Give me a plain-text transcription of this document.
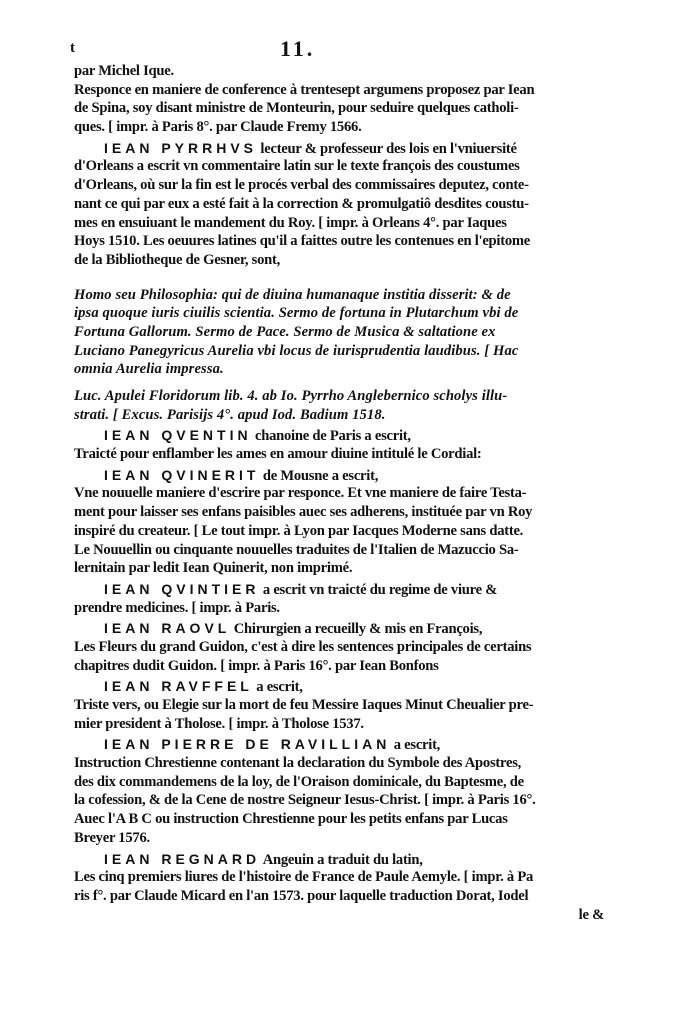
t	11.
par Michel Ique.
Responce en maniere de conference à trentesept argumens proposez par Iean
de Spina, soy disant ministre de Monteurin, pour seduire quelques catholi-
ques. [ impr. à Paris 8°. par Claude Fremy 1566.
IEAN PYRRHVS lecteur & professeur des lois en l'vniuersité
d'Orleans a escrit vn commentaire latin sur le texte françois des coustumes
d'Orleans, où sur la fin est le procés verbal des commissaires deputez, conte-
nant ce qui par eux a esté fait à la correction & promulgatiô desdites coustu-
mes en ensuiuant le mandement du Roy. [ impr. à Orleans 4°. par Iaques
Hoys 1510. Les oeuures latines qu'il a faittes outre les contenues en l'epitome
de la Bibliotheque de Gesner, sont,
Homo seu Philosophia: qui de diuina humanaque institia disserit: & de
ipsa quoque iuris ciuilis scientia. Sermo de fortuna in Plutarchum vbi de
Fortuna Gallorum. Sermo de Pace. Sermo de Musica & saltatione ex
Luciano Panegyricus Aurelia vbi locus de iurisprudentia laudibus. [ Hac
omnia Aurelia impressa.
Luc. Apulei Floridorum lib. 4. ab Io. Pyrrho Anglebernico scholys illu-
strati. [ Excus. Parisijs 4°. apud Iod. Badium 1518.
IEAN QVENTIN chanoine de Paris a escrit,
Traicté pour enflamber les ames en amour diuine intitulé le Cordial:
IEAN QVINERIT de Mousne a escrit,
Vne nouuelle maniere d'escrire par responce. Et vne maniere de faire Testa-
ment pour laisser ses enfans paisibles auec ses adherens, instituée par vn Roy
inspiré du createur. [ Le tout impr. à Lyon par Iacques Moderne sans datte.
Le Nouuellin ou cinquante nouuelles traduites de l'Italien de Mazuccio Sa-
lernitain par ledit Iean Quinerit, non imprimé.
IEAN QVINTIER a escrit vn traicté du regime de viure &
prendre medicines. [ impr. à Paris.
IEAN RAOVL Chirurgien a recueilly & mis en François,
Les Fleurs du grand Guidon, c'est à dire les sentences principales de certains
chapitres dudit Guidon. [ impr. à Paris 16°. par Iean Bonfons
IEAN RAVFFEL a escrit,
Triste vers, ou Elegie sur la mort de feu Messire Iaques Minut Cheualier pre-
mier president à Tholose. [ impr. à Tholose 1537.
IEAN PIERRE DE RAVILLIAN a escrit,
Instruction Chrestienne contenant la declaration du Symbole des Apostres,
des dix commandemens de la loy, de l'Oraison dominicale, du Baptesme, de
la cofession, & de la Cene de nostre Seigneur Iesus-Christ. [ impr. à Paris 16°.
Auec l'A B C ou instruction Chrestienne pour les petits enfans par Lucas
Breyer 1576.
IEAN REGNARD Angeuin a traduit du latin,
Les cinq premiers liures de l'histoire de France de Paule Aemyle. [ impr. à Pa
ris f°. par Claude Micard en l'an 1573. pour laquelle traduction Dorat, Iodel
le &
